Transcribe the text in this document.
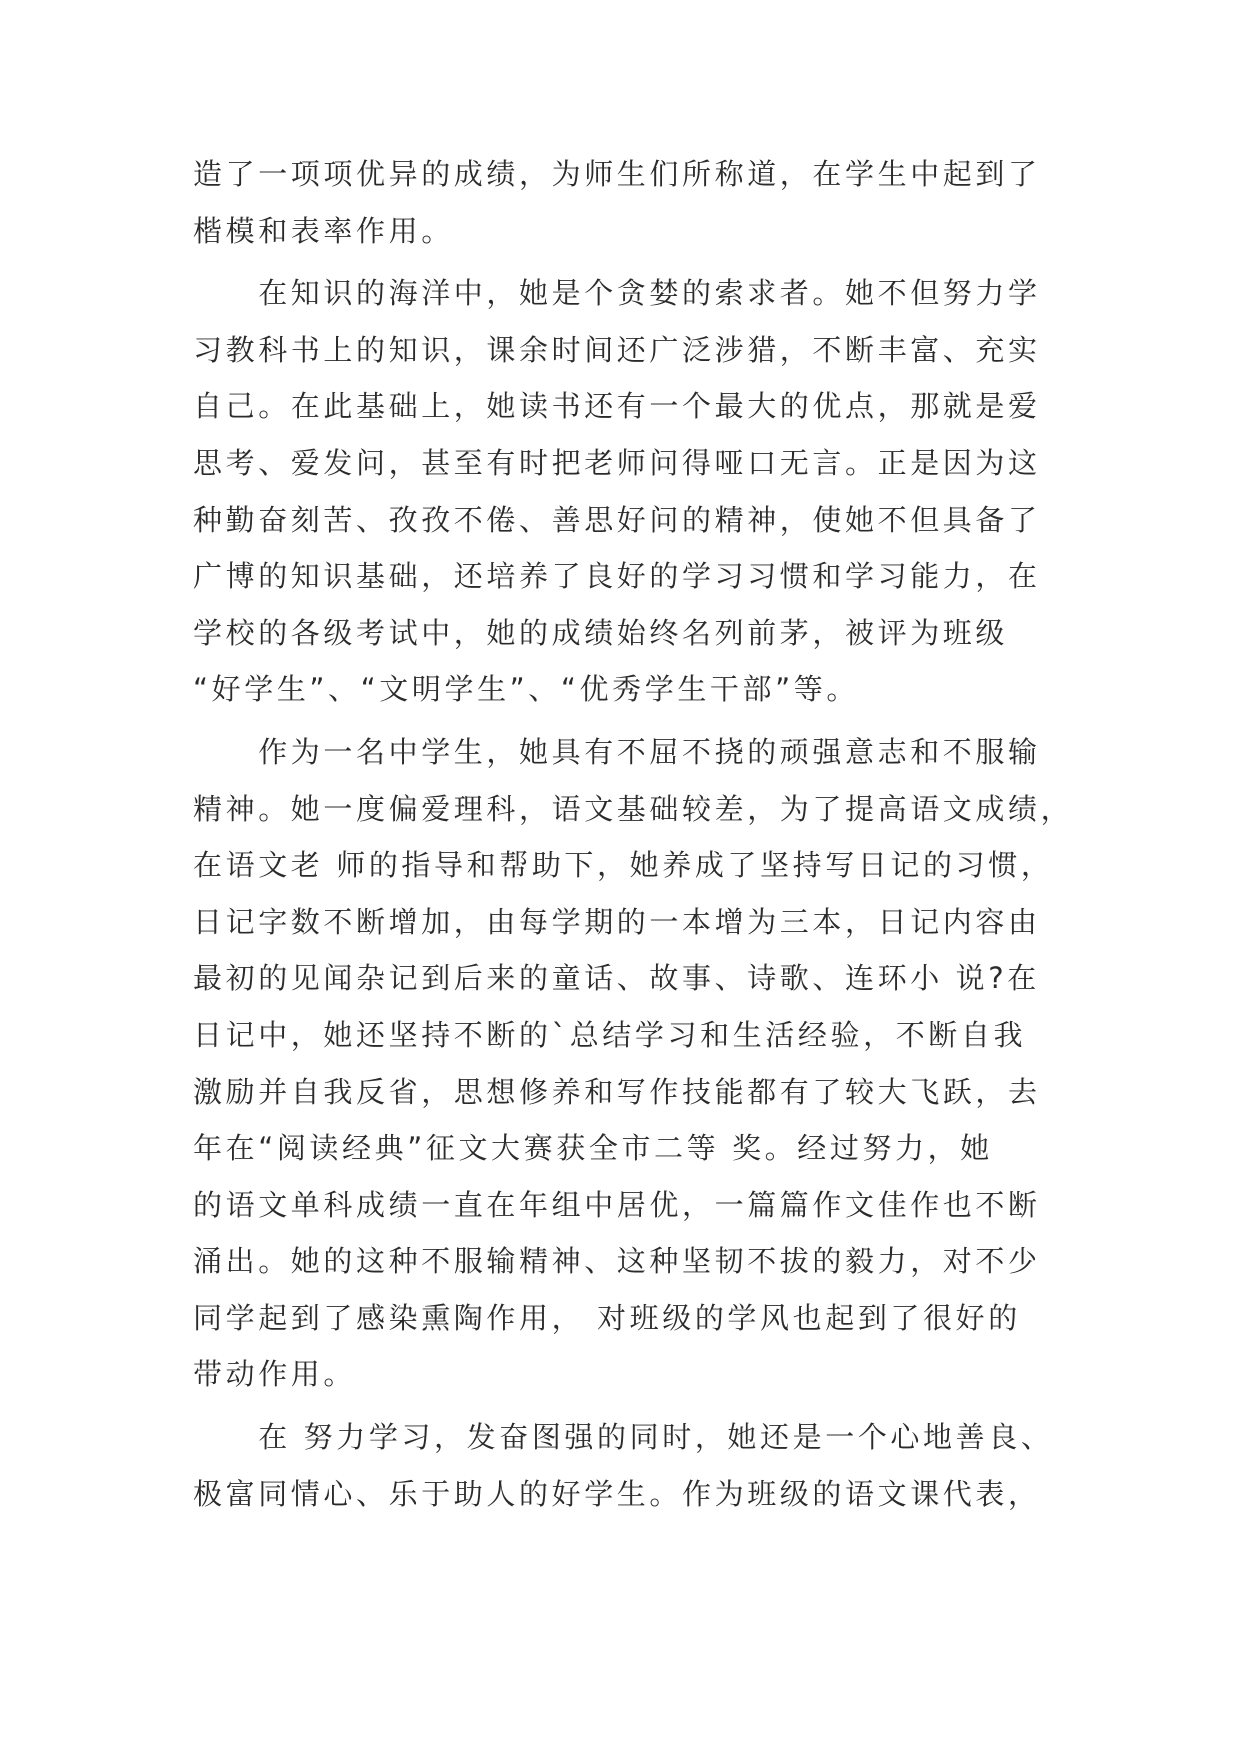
造了一项项优异的成绩，为师生们所称道，在学生中起到了
楷模和表率作用。
　　在知识的海洋中，她是个贪婪的索求者。她不但努力学
习教科书上的知识，课余时间还广泛涉猎，不断丰富、充实
自己。在此基础上，她读书还有一个最大的优点，那就是爱
思考、爱发问，甚至有时把老师问得哑口无言。正是因为这
种勤奋刻苦、孜孜不倦、善思好问的精神，使她不但具备了
广博的知识基础，还培养了良好的学习习惯和学习能力，在
学校的各级考试中，她的成绩始终名列前茅，被评为班级
“好学生”、“文明学生”、“优秀学生干部”等。
　　作为一名中学生，她具有不屈不挠的顽强意志和不服输
精神。她一度偏爱理科，语文基础较差，为了提高语文成绩，
在语文老 师的指导和帮助下，她养成了坚持写日记的习惯，
日记字数不断增加，由每学期的一本增为三本，日记内容由
最初的见闻杂记到后来的童话、故事、诗歌、连环小 说?在
日记中，她还坚持不断的`总结学习和生活经验，不断自我
激励并自我反省，思想修养和写作技能都有了较大飞跃，去
年在“阅读经典”征文大赛获全市二等 奖。经过努力，她
的语文单科成绩一直在年组中居优，一篇篇作文佳作也不断
涌出。她的这种不服输精神、这种坚韧不拔的毅力，对不少
同学起到了感染熏陶作用， 对班级的学风也起到了很好的
带动作用。
　　在 努力学习，发奋图强的同时，她还是一个心地善良、
极富同情心、乐于助人的好学生。作为班级的语文课代表，
